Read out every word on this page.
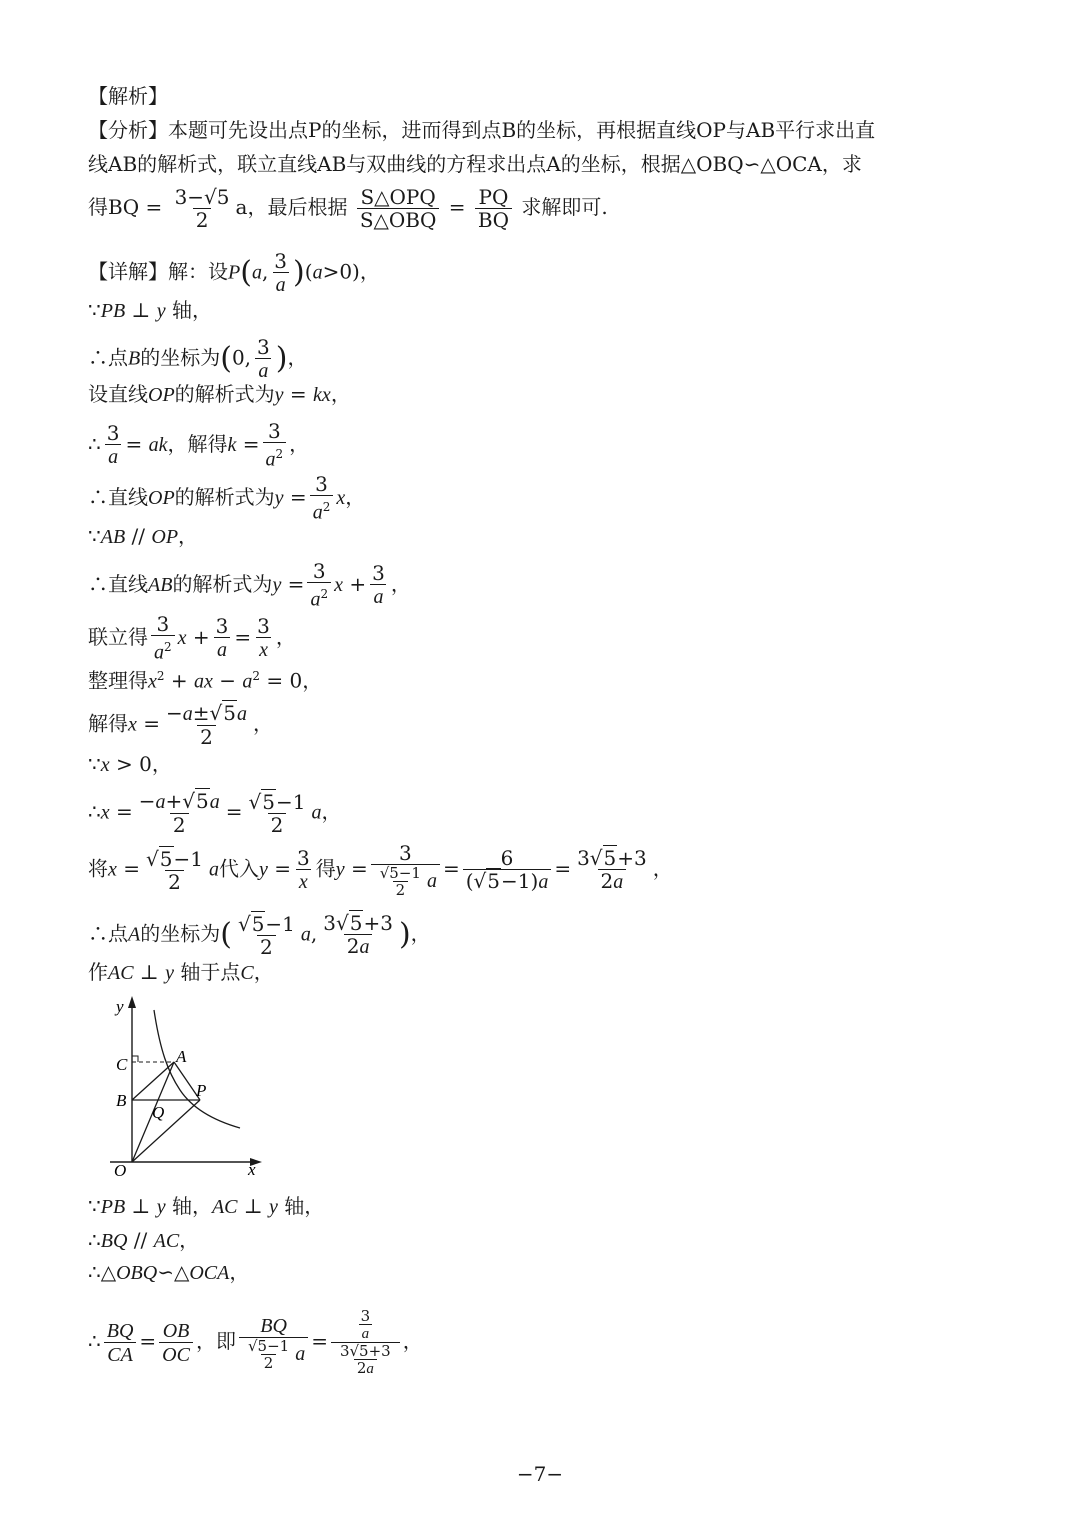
【解析】
【分析】本题可先设出点P的坐标，进而得到点B的坐标，再根据直线OP与AB平行求出直
线AB的解析式，联立直线AB与双曲线的方程求出点A的坐标，根据△OBQ∽△OCA，求
得BQ = $\frac{3-√5}{2}$ a，最后根据 $\frac{\text{S△OPQ}}{\text{S△OBQ}} = \frac{PQ}{BQ}$ 求解即可.
【详解】解：设P(a, $\frac{3}{a} )(a>0)$，
∵PB ⊥ y 轴，
∴点B的坐标为(0, $\frac{3}{a}$ )，
设直线OP的解析式为y = kx，
∴ $\frac{3}{a}$ = ak，解得$k = \frac{3}{a^2}$ ，
∴直线OP的解析式为$y = \frac{3}{a^2}$ x，
∵AB // OP，
∴直线AB的解析式为$y = \frac{3}{a^2}$ $x + \frac{3}{a}$ ，
联立得 $\frac{3}{a^2}$ $x + \frac{3}{a} = \frac{3}{x}$ ，
整理得$x^2$ + ax − $a^2 = 0$，
解得$x = \frac{-a\pm√5a}{2}$ ，
∵x > 0，
∴x = $\frac{-a+√5a}{2} = \frac{√5-1}{2}$ a，
将$x = \frac{√5-1}{2}$ a代入$y = \frac{3}{x}$ 得$y = \frac{3}{\frac{√5-1}{2} a} = \frac{6}{(√5-1)a} = \frac{3√5+3}{2a}$ ，
∴点A的坐标为( $\frac{√5-1}{2} a$, $\frac{3√5+3}{2a}$ )，
作AC ⊥ y 轴于点C，
y
x
O
C	A
B
P
Q
∵PB ⊥ y 轴，AC ⊥ y 轴，
∴BQ // AC，
∴△OBQ∽△OCA，
∴ $\frac{BQ}{CA} = \frac{OB}{OC}$ ，即 $\frac{BQ}{\frac{√5-1}{2} a} = \frac{\frac{3}{a}}{\frac{3√5+3}{2a}}$ ，
−7−
